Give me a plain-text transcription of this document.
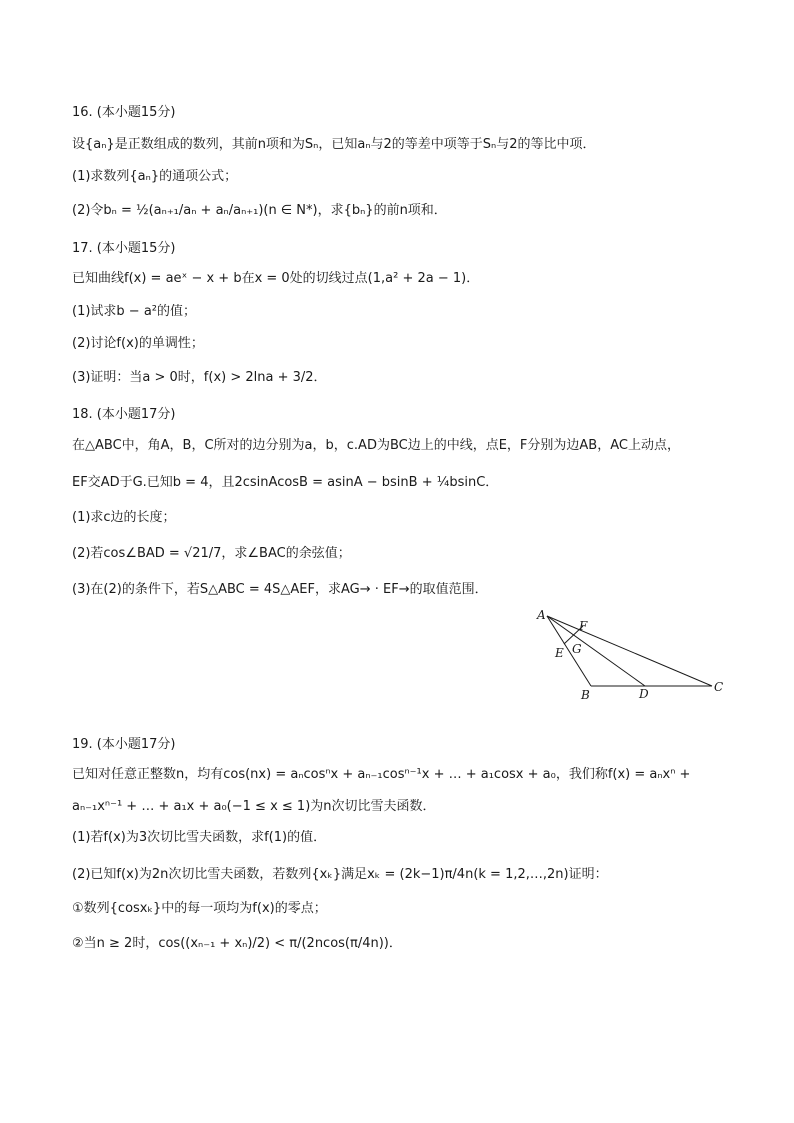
16. (本小题15分)
设{aₙ}是正数组成的数列，其前n项和为Sₙ，已知aₙ与2的等差中项等于Sₙ与2的等比中项．
(1)求数列{aₙ}的通项公式；
(2)令bₙ = ½(aₙ₊₁/aₙ + aₙ/aₙ₊₁)(n ∈ N*)，求{bₙ}的前n项和．
17. (本小题15分)
已知曲线f(x) = aeˣ − x + b在x = 0处的切线过点(1,a² + 2a − 1)．
(1)试求b − a²的值；
(2)讨论f(x)的单调性；
(3)证明：当a > 0时，f(x) > 2lna + 3/2．
18. (本小题17分)
在△ABC中，角A，B，C所对的边分别为a，b，c.AD为BC边上的中线，点E，F分别为边AB，AC上动点，
EF交AD于G.已知b = 4，且2csinAcosB = asinA − bsinB + ¼bsinC．
(1)求c边的长度；
(2)若cos∠BAD = √21/7，求∠BAC的余弦值；
(3)在(2)的条件下，若S△ABC = 4S△AEF，求AG→ · EF→的取值范围．
A
B
C
D
E
F
G
19. (本小题17分)
已知对任意正整数n，均有cos(nx) = aₙcosⁿx + aₙ₋₁cosⁿ⁻¹x + … + a₁cosx + a₀，我们称f(x) = aₙxⁿ +
aₙ₋₁xⁿ⁻¹ + … + a₁x + a₀(−1 ≤ x ≤ 1)为n次切比雪夫函数．
(1)若f(x)为3次切比雪夫函数，求f(1)的值．
(2)已知f(x)为2n次切比雪夫函数，若数列{xₖ}满足xₖ = (2k−1)π/4n(k = 1,2,…,2n)证明：
①数列{cosxₖ}中的每一项均为f(x)的零点；
②当n ≥ 2时，cos((xₙ₋₁ + xₙ)/2) < π/(2ncos(π/4n))．
